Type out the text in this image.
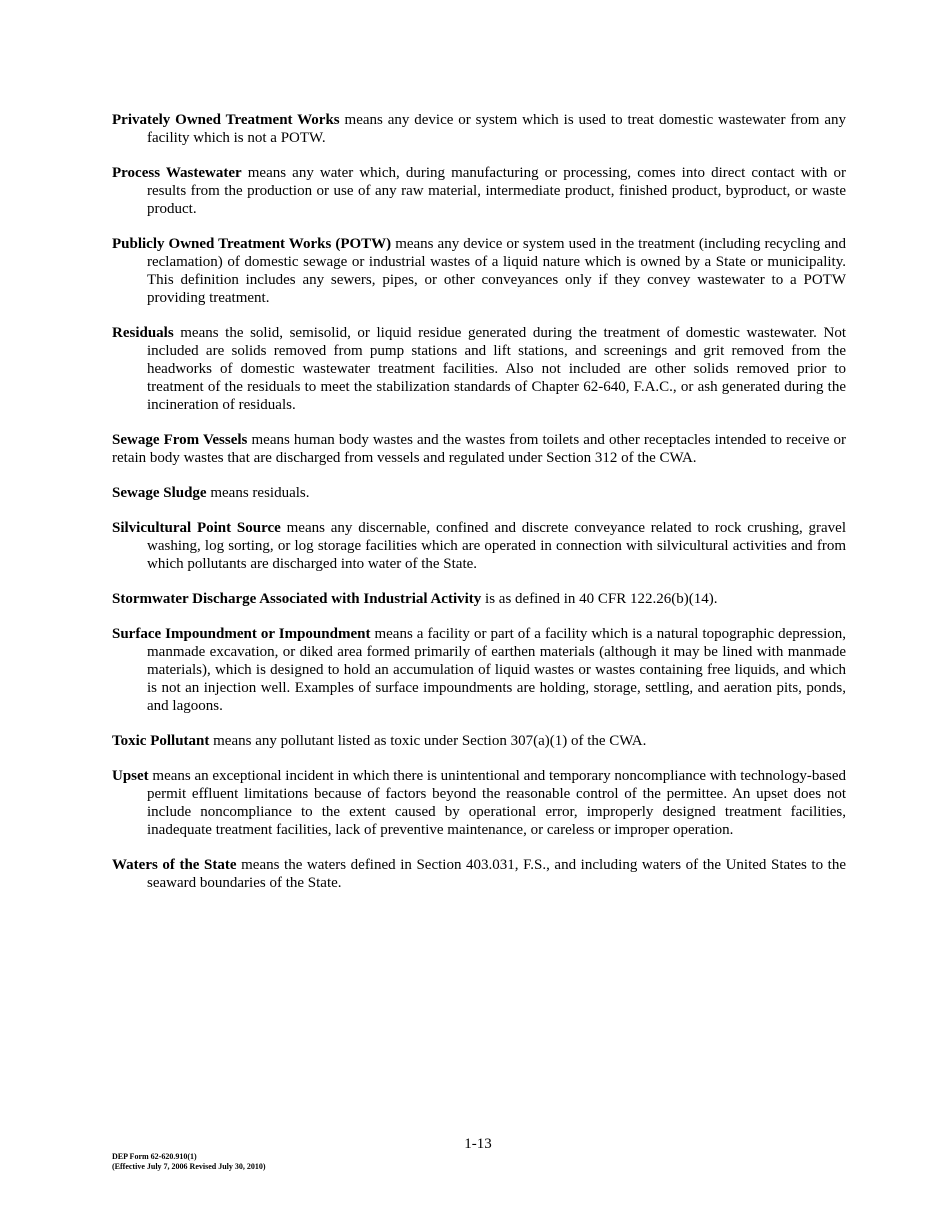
Privately Owned Treatment Works means any device or system which is used to treat domestic wastewater from any facility which is not a POTW.

Process Wastewater means any water which, during manufacturing or processing, comes into direct contact with or results from the production or use of any raw material, intermediate product, finished product, byproduct, or waste product.

Publicly Owned Treatment Works (POTW) means any device or system used in the treatment (including recycling and reclamation) of domestic sewage or industrial wastes of a liquid nature which is owned by a State or municipality. This definition includes any sewers, pipes, or other conveyances only if they convey wastewater to a POTW providing treatment.

Residuals means the solid, semisolid, or liquid residue generated during the treatment of domestic wastewater. Not included are solids removed from pump stations and lift stations, and screenings and grit removed from the headworks of domestic wastewater treatment facilities. Also not included are other solids removed prior to treatment of the residuals to meet the stabilization standards of Chapter 62-640, F.A.C., or ash generated during the incineration of residuals.

Sewage From Vessels means human body wastes and the wastes from toilets and other receptacles intended to receive or retain body wastes that are discharged from vessels and regulated under Section 312 of the CWA.

Sewage Sludge means residuals.

Silvicultural Point Source means any discernable, confined and discrete conveyance related to rock crushing, gravel washing, log sorting, or log storage facilities which are operated in connection with silvicultural activities and from which pollutants are discharged into water of the State.

Stormwater Discharge Associated with Industrial Activity is as defined in 40 CFR 122.26(b)(14).

Surface Impoundment or Impoundment means a facility or part of a facility which is a natural topographic depression, manmade excavation, or diked area formed primarily of earthen materials (although it may be lined with manmade materials), which is designed to hold an accumulation of liquid wastes or wastes containing free liquids, and which is not an injection well. Examples of surface impoundments are holding, storage, settling, and aeration pits, ponds, and lagoons.

Toxic Pollutant means any pollutant listed as toxic under Section 307(a)(1) of the CWA.

Upset means an exceptional incident in which there is unintentional and temporary noncompliance with technology-based permit effluent limitations because of factors beyond the reasonable control of the permittee. An upset does not include noncompliance to the extent caused by operational error, improperly designed treatment facilities, inadequate treatment facilities, lack of preventive maintenance, or careless or improper operation.

Waters of the State means the waters defined in Section 403.031, F.S., and including waters of the United States to the seaward boundaries of the State.

1-13
DEP Form 62-620.910(1)
(Effective July 7, 2006 Revised July 30, 2010)
